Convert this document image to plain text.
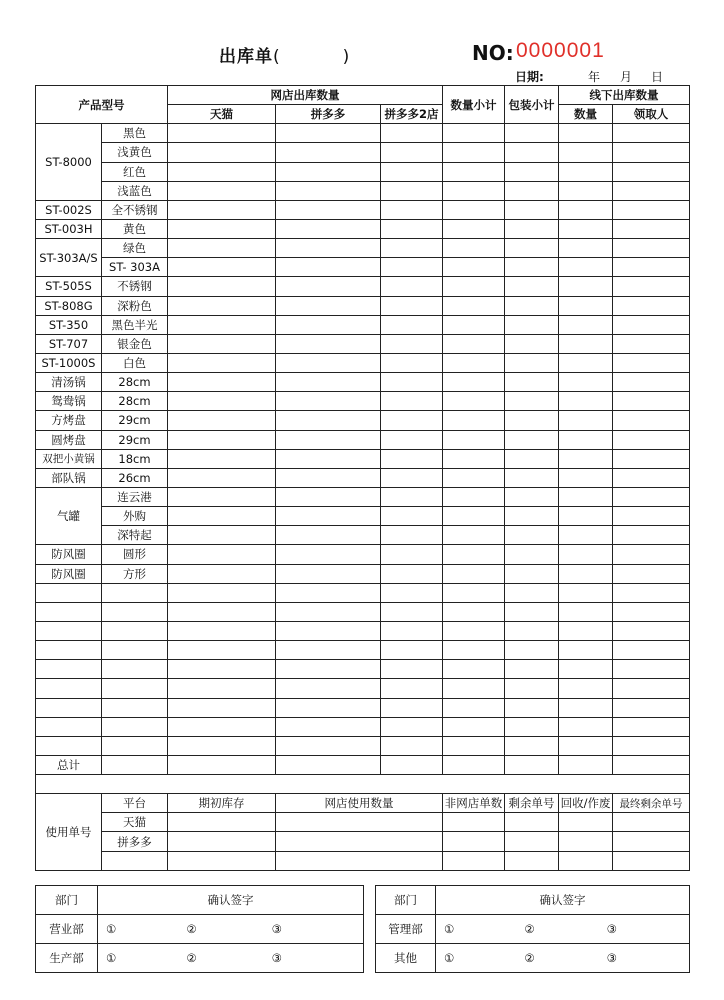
出库单(	)	NO: 0000001
日期:	年 月 日
产品型号		网店出库数量			数量小计	包装小计	线下出库数量	
		天猫	拼多多	拼多多2店			数量	领取人
ST-8000	黑色							
	浅黄色							
	红色							
	浅蓝色							
ST-002S	全不锈钢							
ST-003H	黄色							
ST-303A/S	绿色							
	ST- 303A							
ST-505S	不锈钢							
ST-808G	深粉色							
ST-350	黑色半光							
ST-707	银金色							
ST-1000S	白色							
清汤锅	28cm							
鸳鸯锅	28cm							
方烤盘	29cm							
圆烤盘	29cm							
双把小黄锅	18cm							
部队锅	26cm							
气罐	连云港							
	外购							
	深特起							
防风圈	圆形							
防风圈	方形							

总计								

使用单号	平台	期初库存	网店使用数量		非网店单数	剩余单号	回收/作废	最终剩余单号
	天猫							
	拼多多							

部门	确认签字
营业部	① ② ③
生产部	① ② ③
部门	确认签字
管理部	① ② ③
其他	① ② ③
